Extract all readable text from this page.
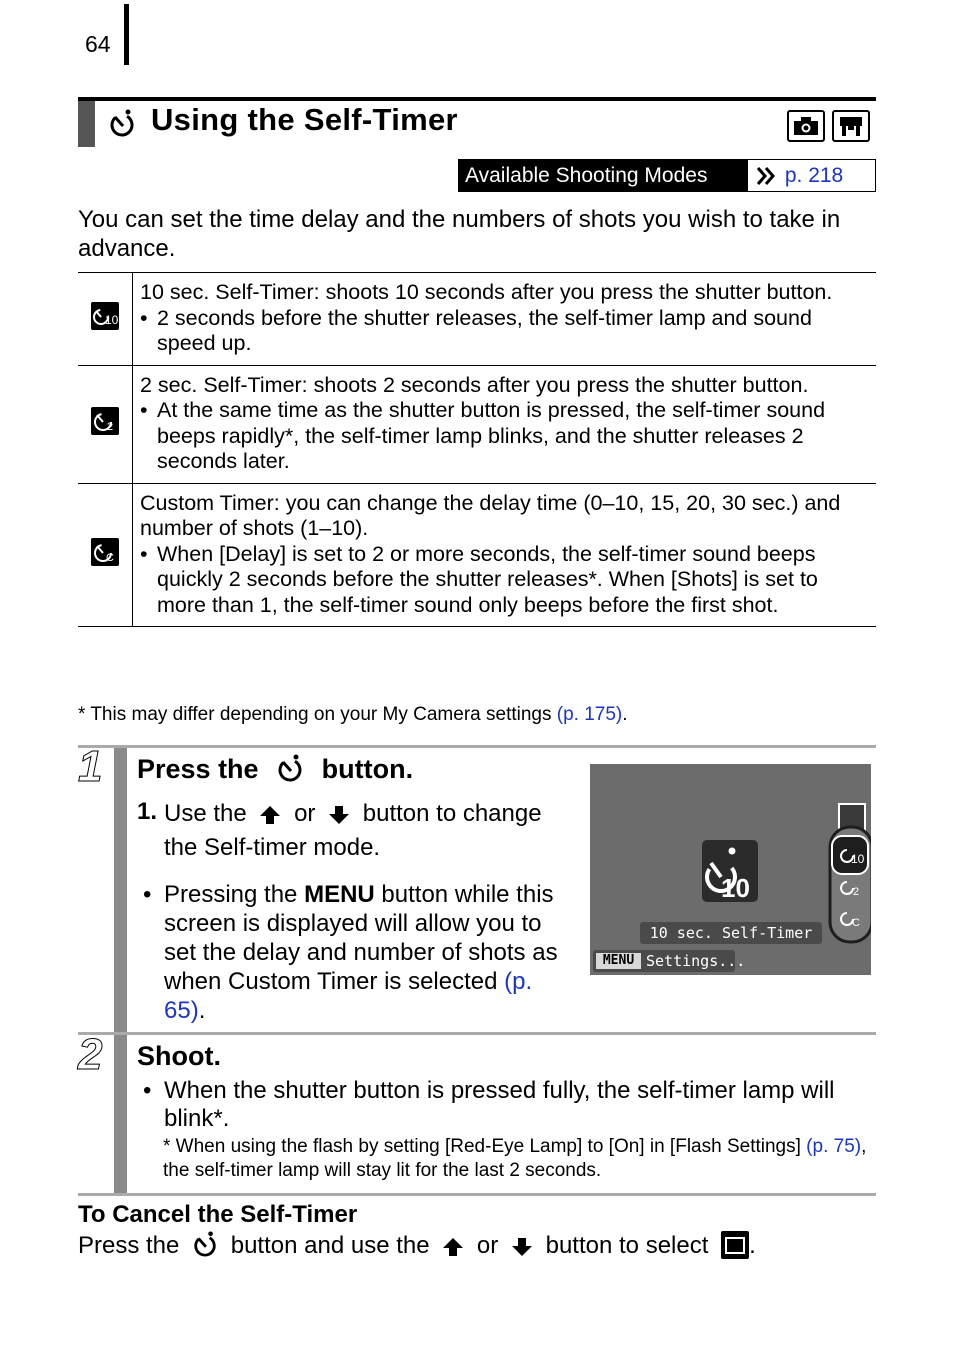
64
Using the Self-Timer
Available Shooting Modes	p. 218
You can set the time delay and the numbers of shots you wish to take in advance.
10	10 sec. Self-Timer: shoots 10 seconds after you press the shutter button.
• 2 seconds before the shutter releases, the self-timer lamp and sound speed up.

2	2 sec. Self-Timer: shoots 2 seconds after you press the shutter button.
• At the same time as the shutter button is pressed, the self-timer sound beeps rapidly*, the self-timer lamp blinks, and the shutter releases 2 seconds later.

C	Custom Timer: you can change the delay time (0–10, 15, 20, 30 sec.) and number of shots (1–10).
• When [Delay] is set to 2 or more seconds, the self-timer sound beeps quickly 2 seconds before the shutter releases*. When [Shots] is set to more than 1, the self-timer sound only beeps before the first shot.
* This may differ depending on your My Camera settings (p. 175).
1 Press the button.
1. Use the or button to change the Self-timer mode.
• Pressing the MENU button while this screen is displayed will allow you to set the delay and number of shots as when Custom Timer is selected (p. 65).
10
10
2
C
10 sec. Self-Timer
MENU Settings...
2 Shoot.
• When the shutter button is pressed fully, the self-timer lamp will blink*.
* When using the flash by setting [Red-Eye Lamp] to [On] in [Flash Settings] (p. 75), the self-timer lamp will stay lit for the last 2 seconds.
To Cancel the Self-Timer
Press the button and use the or button to select .
